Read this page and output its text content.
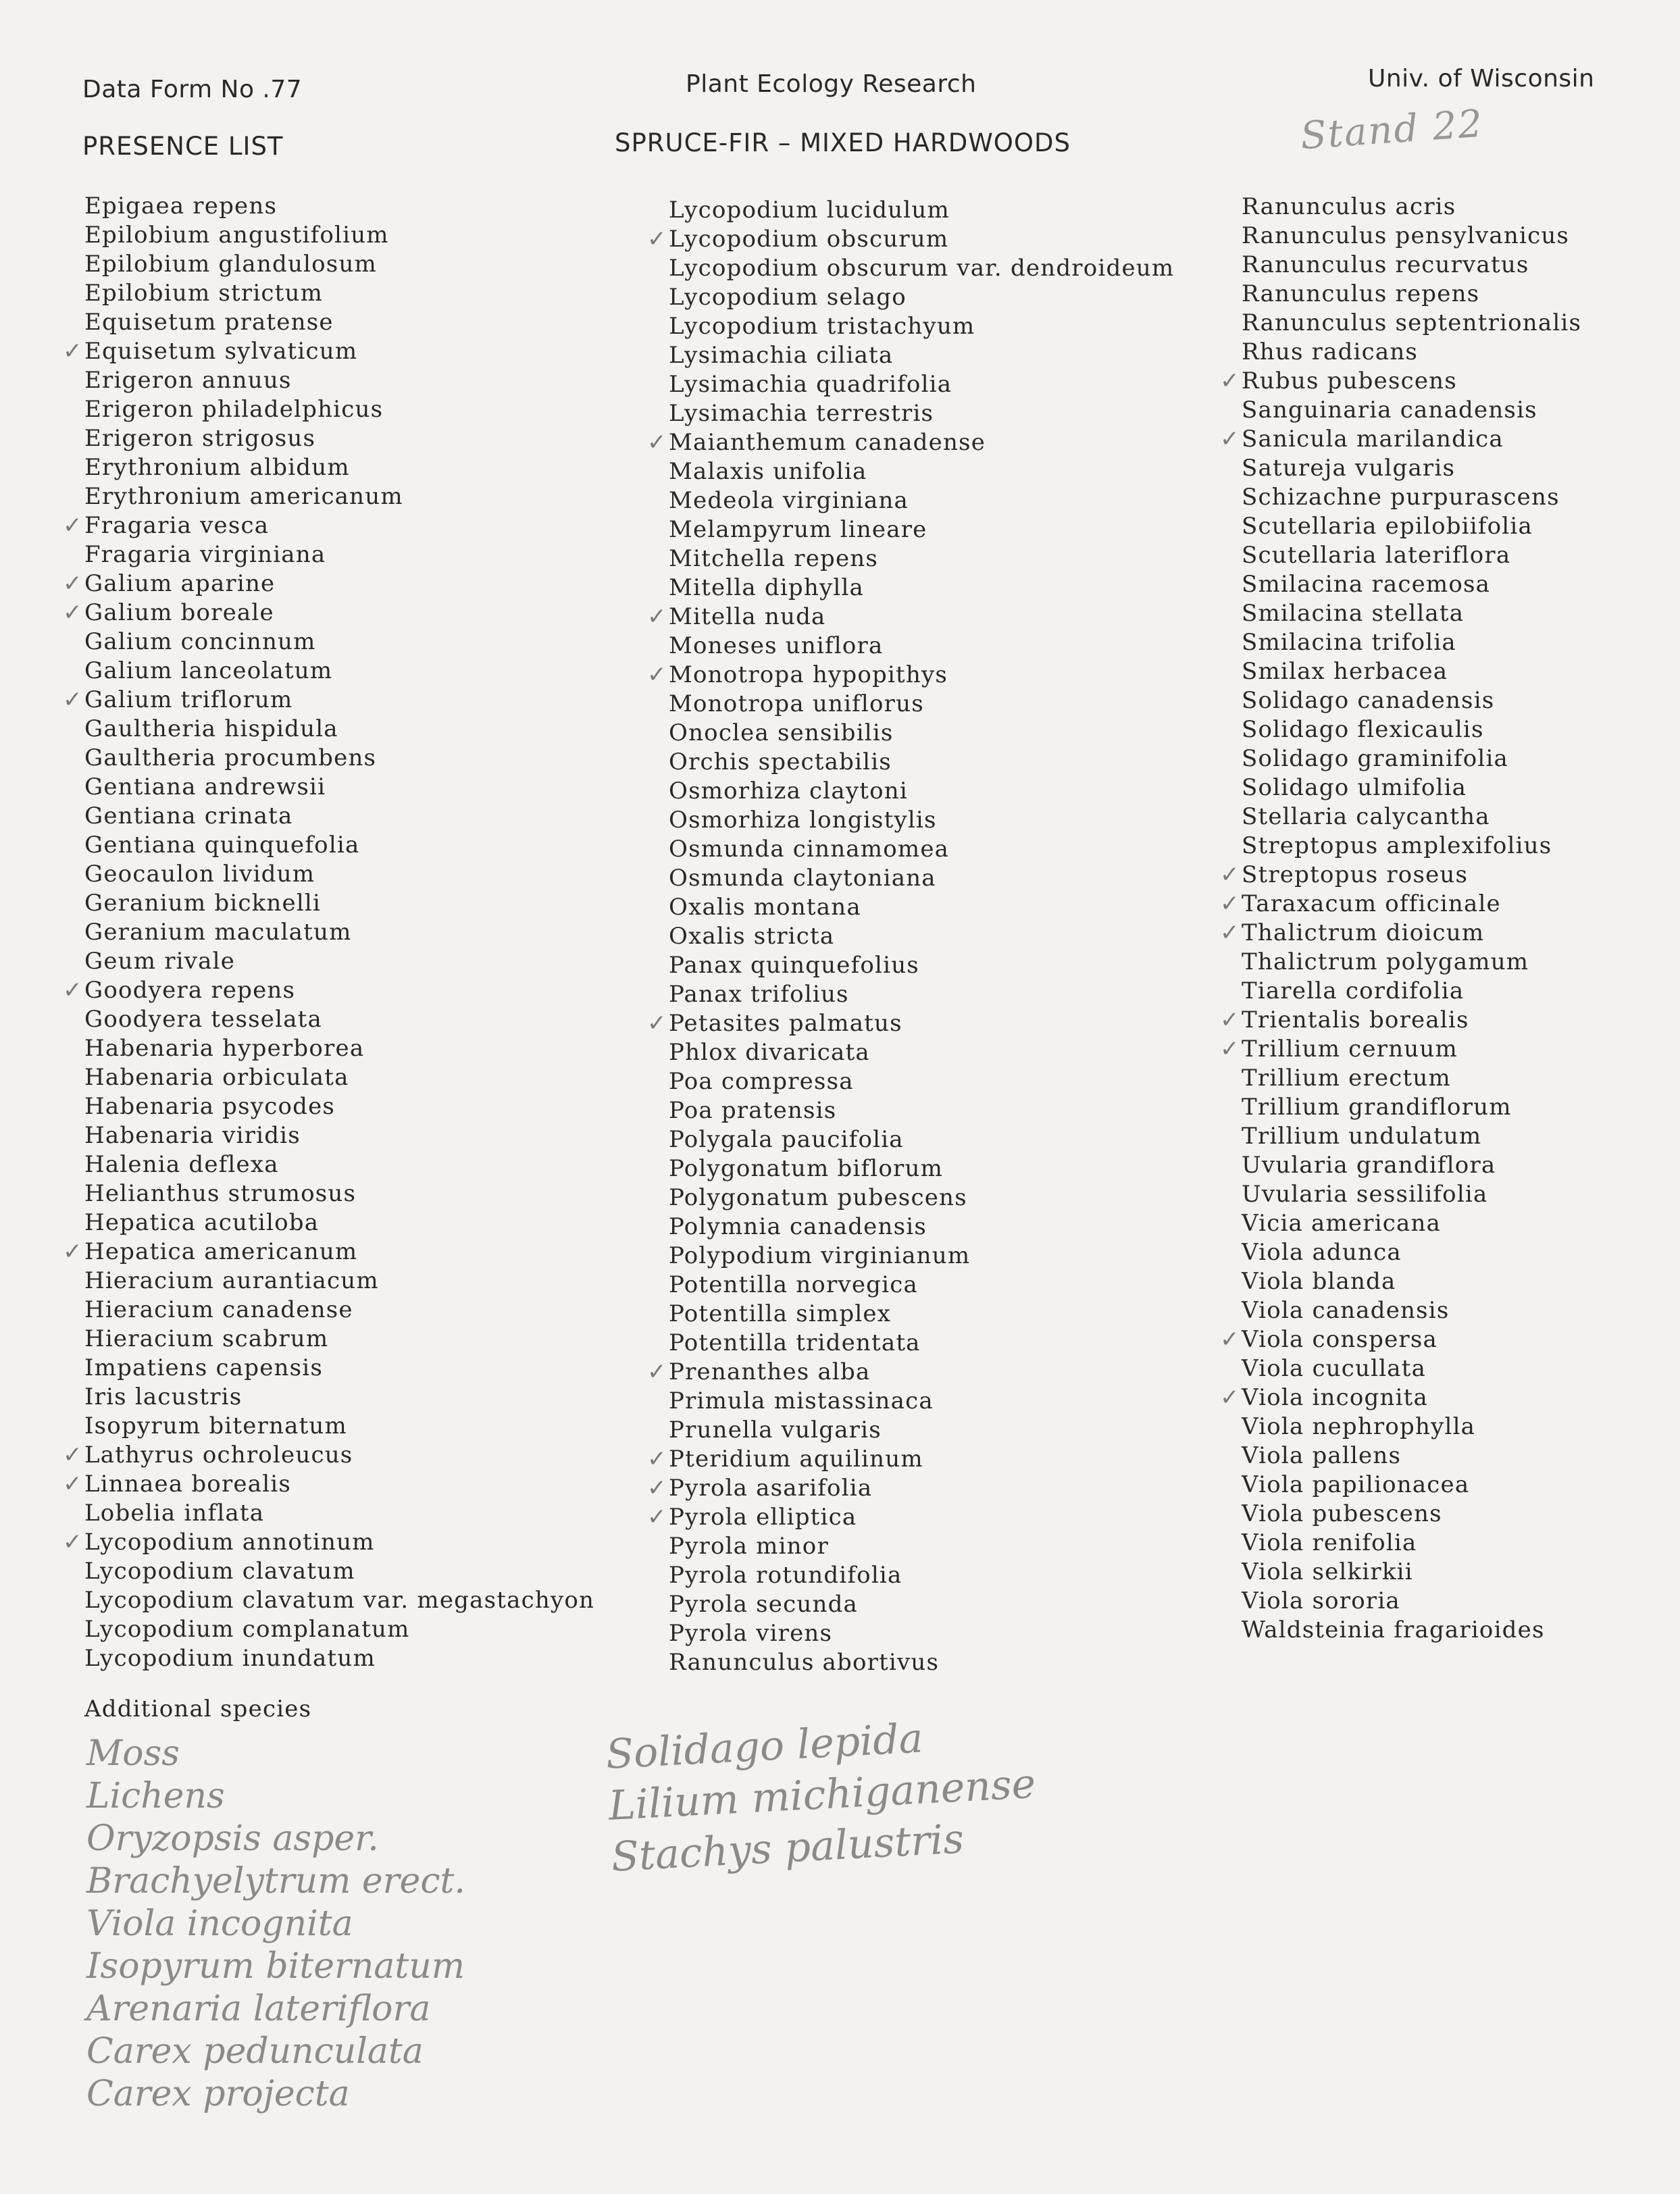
Data Form No .77	Plant Ecology Research	Univ. of Wisconsin
PRESENCE LIST	SPRUCE-FIR – MIXED HARDWOODS	Stand 22
Epigaea repens
Epilobium angustifolium
Epilobium glandulosum
Epilobium strictum
Equisetum pratense
✓ Equisetum sylvaticum
Erigeron annuus
Erigeron philadelphicus
Erigeron strigosus
Erythronium albidum
Erythronium americanum
✓ Fragaria vesca
Fragaria virginiana
✓ Galium aparine
✓ Galium boreale
Galium concinnum
Galium lanceolatum
✓ Galium triflorum
Gaultheria hispidula
Gaultheria procumbens
Gentiana andrewsii
Gentiana crinata
Gentiana quinquefolia
Geocaulon lividum
Geranium bicknelli
Geranium maculatum
Geum rivale
✓ Goodyera repens
Goodyera tesselata
Habenaria hyperborea
Habenaria orbiculata
Habenaria psycodes
Habenaria viridis
Halenia deflexa
Helianthus strumosus
Hepatica acutiloba
✓ Hepatica americanum
Hieracium aurantiacum
Hieracium canadense
Hieracium scabrum
Impatiens capensis
Iris lacustris
Isopyrum biternatum
✓ Lathyrus ochroleucus
✓ Linnaea borealis
Lobelia inflata
✓ Lycopodium annotinum
Lycopodium clavatum
Lycopodium clavatum var. megastachyon
Lycopodium complanatum
Lycopodium inundatum
Lycopodium lucidulum
✓ Lycopodium obscurum
Lycopodium obscurum var. dendroideum
Lycopodium selago
Lycopodium tristachyum
Lysimachia ciliata
Lysimachia quadrifolia
Lysimachia terrestris
✓ Maianthemum canadense
Malaxis unifolia
Medeola virginiana
Melampyrum lineare
Mitchella repens
Mitella diphylla
✓ Mitella nuda
Moneses uniflora
✓ Monotropa hypopithys
Monotropa uniflorus
Onoclea sensibilis
Orchis spectabilis
Osmorhiza claytoni
Osmorhiza longistylis
Osmunda cinnamomea
Osmunda claytoniana
Oxalis montana
Oxalis stricta
Panax quinquefolius
Panax trifolius
✓ Petasites palmatus
Phlox divaricata
Poa compressa
Poa pratensis
Polygala paucifolia
Polygonatum biflorum
Polygonatum pubescens
Polymnia canadensis
Polypodium virginianum
Potentilla norvegica
Potentilla simplex
Potentilla tridentata
✓ Prenanthes alba
Primula mistassinaca
Prunella vulgaris
✓ Pteridium aquilinum
✓ Pyrola asarifolia
✓ Pyrola elliptica
Pyrola minor
Pyrola rotundifolia
Pyrola secunda
Pyrola virens
Ranunculus abortivus
Ranunculus acris
Ranunculus pensylvanicus
Ranunculus recurvatus
Ranunculus repens
Ranunculus septentrionalis
Rhus radicans
✓ Rubus pubescens
Sanguinaria canadensis
✓ Sanicula marilandica
Satureja vulgaris
Schizachne purpurascens
Scutellaria epilobiifolia
Scutellaria lateriflora
Smilacina racemosa
Smilacina stellata
Smilacina trifolia
Smilax herbacea
Solidago canadensis
Solidago flexicaulis
Solidago graminifolia
Solidago ulmifolia
Stellaria calycantha
Streptopus amplexifolius
✓ Streptopus roseus
✓ Taraxacum officinale
✓ Thalictrum dioicum
Thalictrum polygamum
Tiarella cordifolia
✓ Trientalis borealis
✓ Trillium cernuum
Trillium erectum
Trillium grandiflorum
Trillium undulatum
Uvularia grandiflora
Uvularia sessilifolia
Vicia americana
Viola adunca
Viola blanda
Viola canadensis
✓ Viola conspersa
Viola cucullata
✓ Viola incognita
Viola nephrophylla
Viola pallens
Viola papilionacea
Viola pubescens
Viola renifolia
Viola selkirkii
Viola sororia
Waldsteinia fragarioides
Additional species
Moss
Lichens
Oryzopsis asper.
Brachyelytrum erect.
Viola incognita
Isopyrum biternatum
Arenaria lateriflora
Carex pedunculata
Carex projecta
Solidago lepida
Lilium michiganense
Stachys palustris
